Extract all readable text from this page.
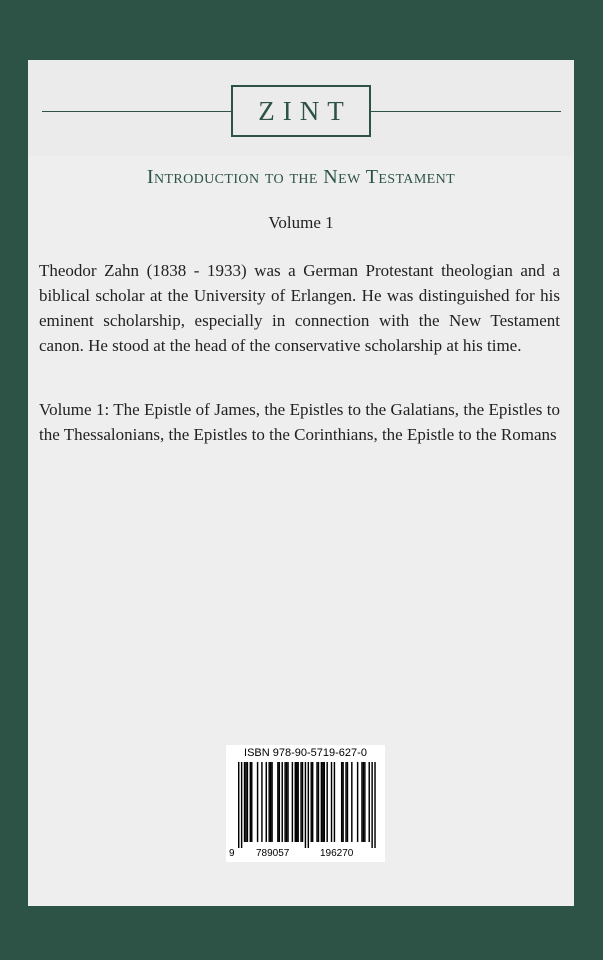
ZINT
Introduction to the New Testament
Volume 1

Theodor Zahn (1838 - 1933) was a German Protestant theologian and a biblical scholar at the University of Erlangen. He was distinguished for his eminent scholarship, especially in connection with the New Testament canon. He stood at the head of the conservative scholarship at his time.

Volume 1: The Epistle of James, the Epistles to the Galatians, the Epistles to the Thessalonians, the Epistles to the Corinthians, the Epistle to the Romans

ISBN 978-90-5719-627-0
9 789057	196270
